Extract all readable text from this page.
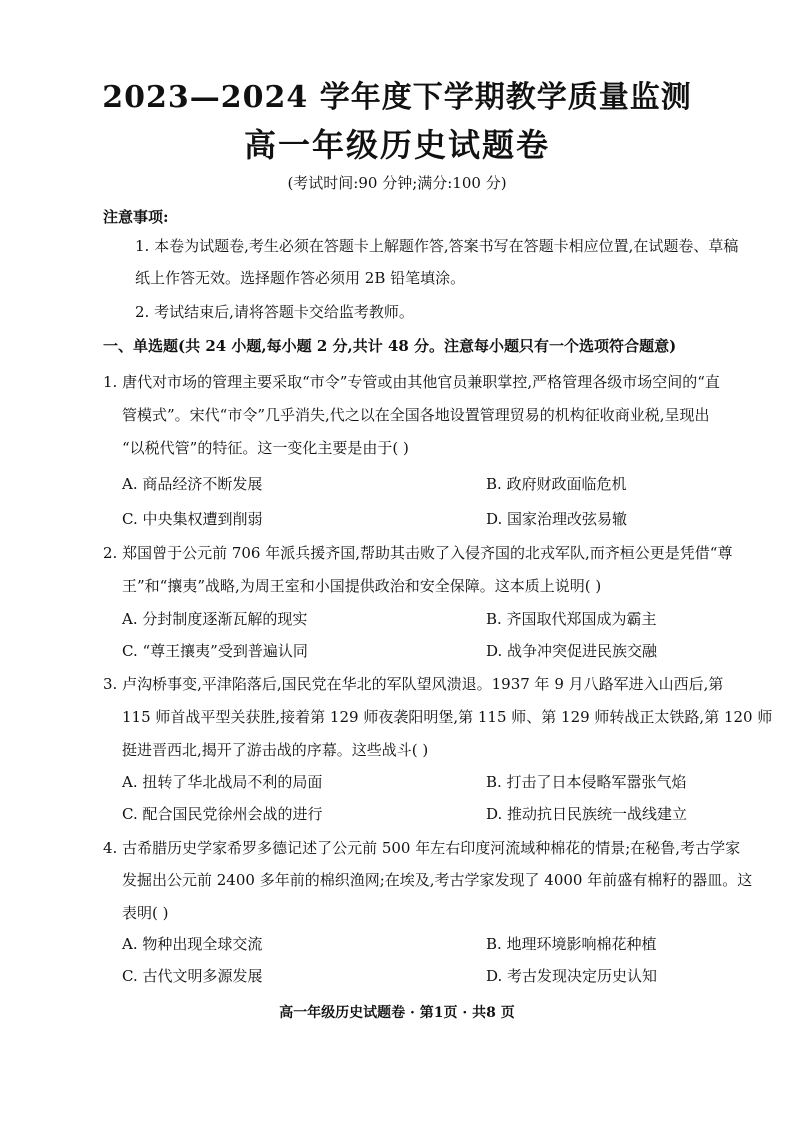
2023—2024 学年度下学期教学质量监测
高一年级历史试题卷
(考试时间:90 分钟;满分:100 分)
注意事项:
1. 本卷为试题卷,考生必须在答题卡上解题作答,答案书写在答题卡相应位置,在试题卷、草稿
纸上作答无效。选择题作答必须用 2B 铅笔填涂。
2. 考试结束后,请将答题卡交给监考教师。
一、单选题(共 24 小题,每小题 2 分,共计 48 分。注意每小题只有一个选项符合题意)
1. 唐代对市场的管理主要采取“市令”专管或由其他官员兼职掌控,严格管理各级市场空间的“直
管模式”。宋代“市令”几乎消失,代之以在全国各地设置管理贸易的机构征收商业税,呈现出
“以税代管”的特征。这一变化主要是由于( )
A. 商品经济不断发展	B. 政府财政面临危机
C. 中央集权遭到削弱	D. 国家治理改弦易辙
2. 郑国曾于公元前 706 年派兵援齐国,帮助其击败了入侵齐国的北戎军队,而齐桓公更是凭借“尊
王”和“攘夷”战略,为周王室和小国提供政治和安全保障。这本质上说明( )
A. 分封制度逐渐瓦解的现实	B. 齐国取代郑国成为霸主
C. “尊王攘夷”受到普遍认同	D. 战争冲突促进民族交融
3. 卢沟桥事变,平津陷落后,国民党在华北的军队望风溃退。1937 年 9 月八路军进入山西后,第
115 师首战平型关获胜,接着第 129 师夜袭阳明堡,第 115 师、第 129 师转战正太铁路,第 120 师
挺进晋西北,揭开了游击战的序幕。这些战斗( )
A. 扭转了华北战局不利的局面	B. 打击了日本侵略军嚣张气焰
C. 配合国民党徐州会战的进行	D. 推动抗日民族统一战线建立
4. 古希腊历史学家希罗多德记述了公元前 500 年左右印度河流域种棉花的情景;在秘鲁,考古学家
发掘出公元前 2400 多年前的棉织渔网;在埃及,考古学家发现了 4000 年前盛有棉籽的器皿。这
表明( )
A. 物种出现全球交流	B. 地理环境影响棉花种植
C. 古代文明多源发展	D. 考古发现决定历史认知
高一年级历史试题卷 · 第1页 · 共8 页
